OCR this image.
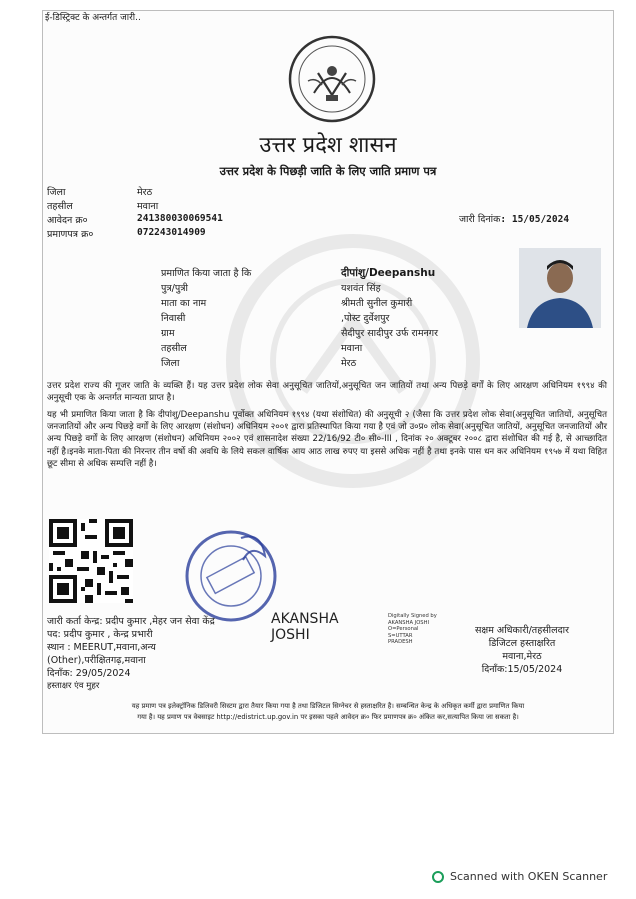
ई-डिस्ट्रिक्ट के अन्तर्गत जारी..
उत्तर प्रदेश शासन
उत्तर प्रदेश के पिछड़ी जाति के लिए जाति प्रमाण पत्र
जिला	मेरठ
तहसील	मवाना
आवेदन क्र०	241380030069541
प्रमाणपत्र क्र०	072243014909
जारी दिनांक: 15/05/2024
प्रमाणित किया जाता है कि	दीपांशु/Deepanshu
पुत्र/पुत्री	यशवंत सिंह
माता का नाम	श्रीमती सुनील कुमारी
निवासी	,पोस्ट दुर्वेशपुर
ग्राम	सैदीपुर सादीपुर उर्फ रामनगर
तहसील	मवाना
जिला	मेरठ
उत्तर प्रदेश राज्य की गूजर जाति के व्यक्ति हैं। यह उत्तर प्रदेश लोक सेवा अनुसूचित जातियों,अनुसूचित जन जातियों तथा अन्य पिछड़े वर्गों के लिए आरक्षण अधिनियम १९९४ की अनुसूची एक के अन्तर्गत मान्यता प्राप्त है।
यह भी प्रमाणित किया जाता है कि दीपांशु/Deepanshu पूर्वोक्त अधिनियम १९९४ (यथा संशोधित) की अनुसूची २ (जैसा कि उत्तर प्रदेश लोक सेवा(अनुसूचित जातियों, अनुसूचित जनजातियों और अन्य पिछड़े वर्गों के लिए आरक्षण (संशोधन) अधिनियम २००१ द्वारा प्रतिस्थापित किया गया है एवं जो उ०प्र० लोक सेवा(अनुसूचित जातियों, अनुसूचित जनजातियों और अन्य पिछड़े वर्गों के लिए आरक्षण (संशोधन) अधिनियम २००२ एवं शासनादेश संख्या 22/16/92 टी० सी०-III , दिनांक २० अक्टूबर २००८ द्वारा संशोधित की गई है, से आच्छादित नहीं है।इनके माता-पिता की निरन्तर तीन वर्षो की अवधि के लिये सकल वार्षिक आय आठ लाख रुपए या इससे अधिक नहीं है तथा इनके पास धन कर अधिनियम १९५७ में यथा विहित छूट सीमा से अधिक सम्पत्ति नहीं है।
AKANSHA
JOSHI
Digitally Signed by
AKANSHA JOSHI
O=Personal
S=UTTAR
PRADESH
जारी कर्ता केन्द्र: प्रदीप कुमार ,मेहर जन सेवा केंद्र
पद: प्रदीप कुमार , केन्द्र प्रभारी
स्थान : MEERUT,मवाना,अन्य
(Other),परीक्षितगढ़,मवाना
दिनाँक: 29/05/2024
हस्ताक्षर एंव मुहर
सक्षम अधिकारी/तहसीलदार
डिजिटल हस्ताक्षरित
मवाना,मेरठ
दिनाँक:15/05/2024
यह प्रमाण पत्र इलेक्ट्रॉनिक डिलिवरी सिस्टम द्वारा तैयार किया गया है तथा डिजिटल सिग्नेचर से हस्ताक्षरित है। सम्बन्धित केन्द्र के अधिकृत कर्मी द्वारा प्रमाणित किया
गया है। यह प्रमाण पत्र वेबसाइट http://edistrict.up.gov.in पर इसका पहले आवेदन क्र० फिर प्रमाणपत्र क्र० अंकित कर,सत्यापित किया जा सकता है।
Scanned with OKEN Scanner
